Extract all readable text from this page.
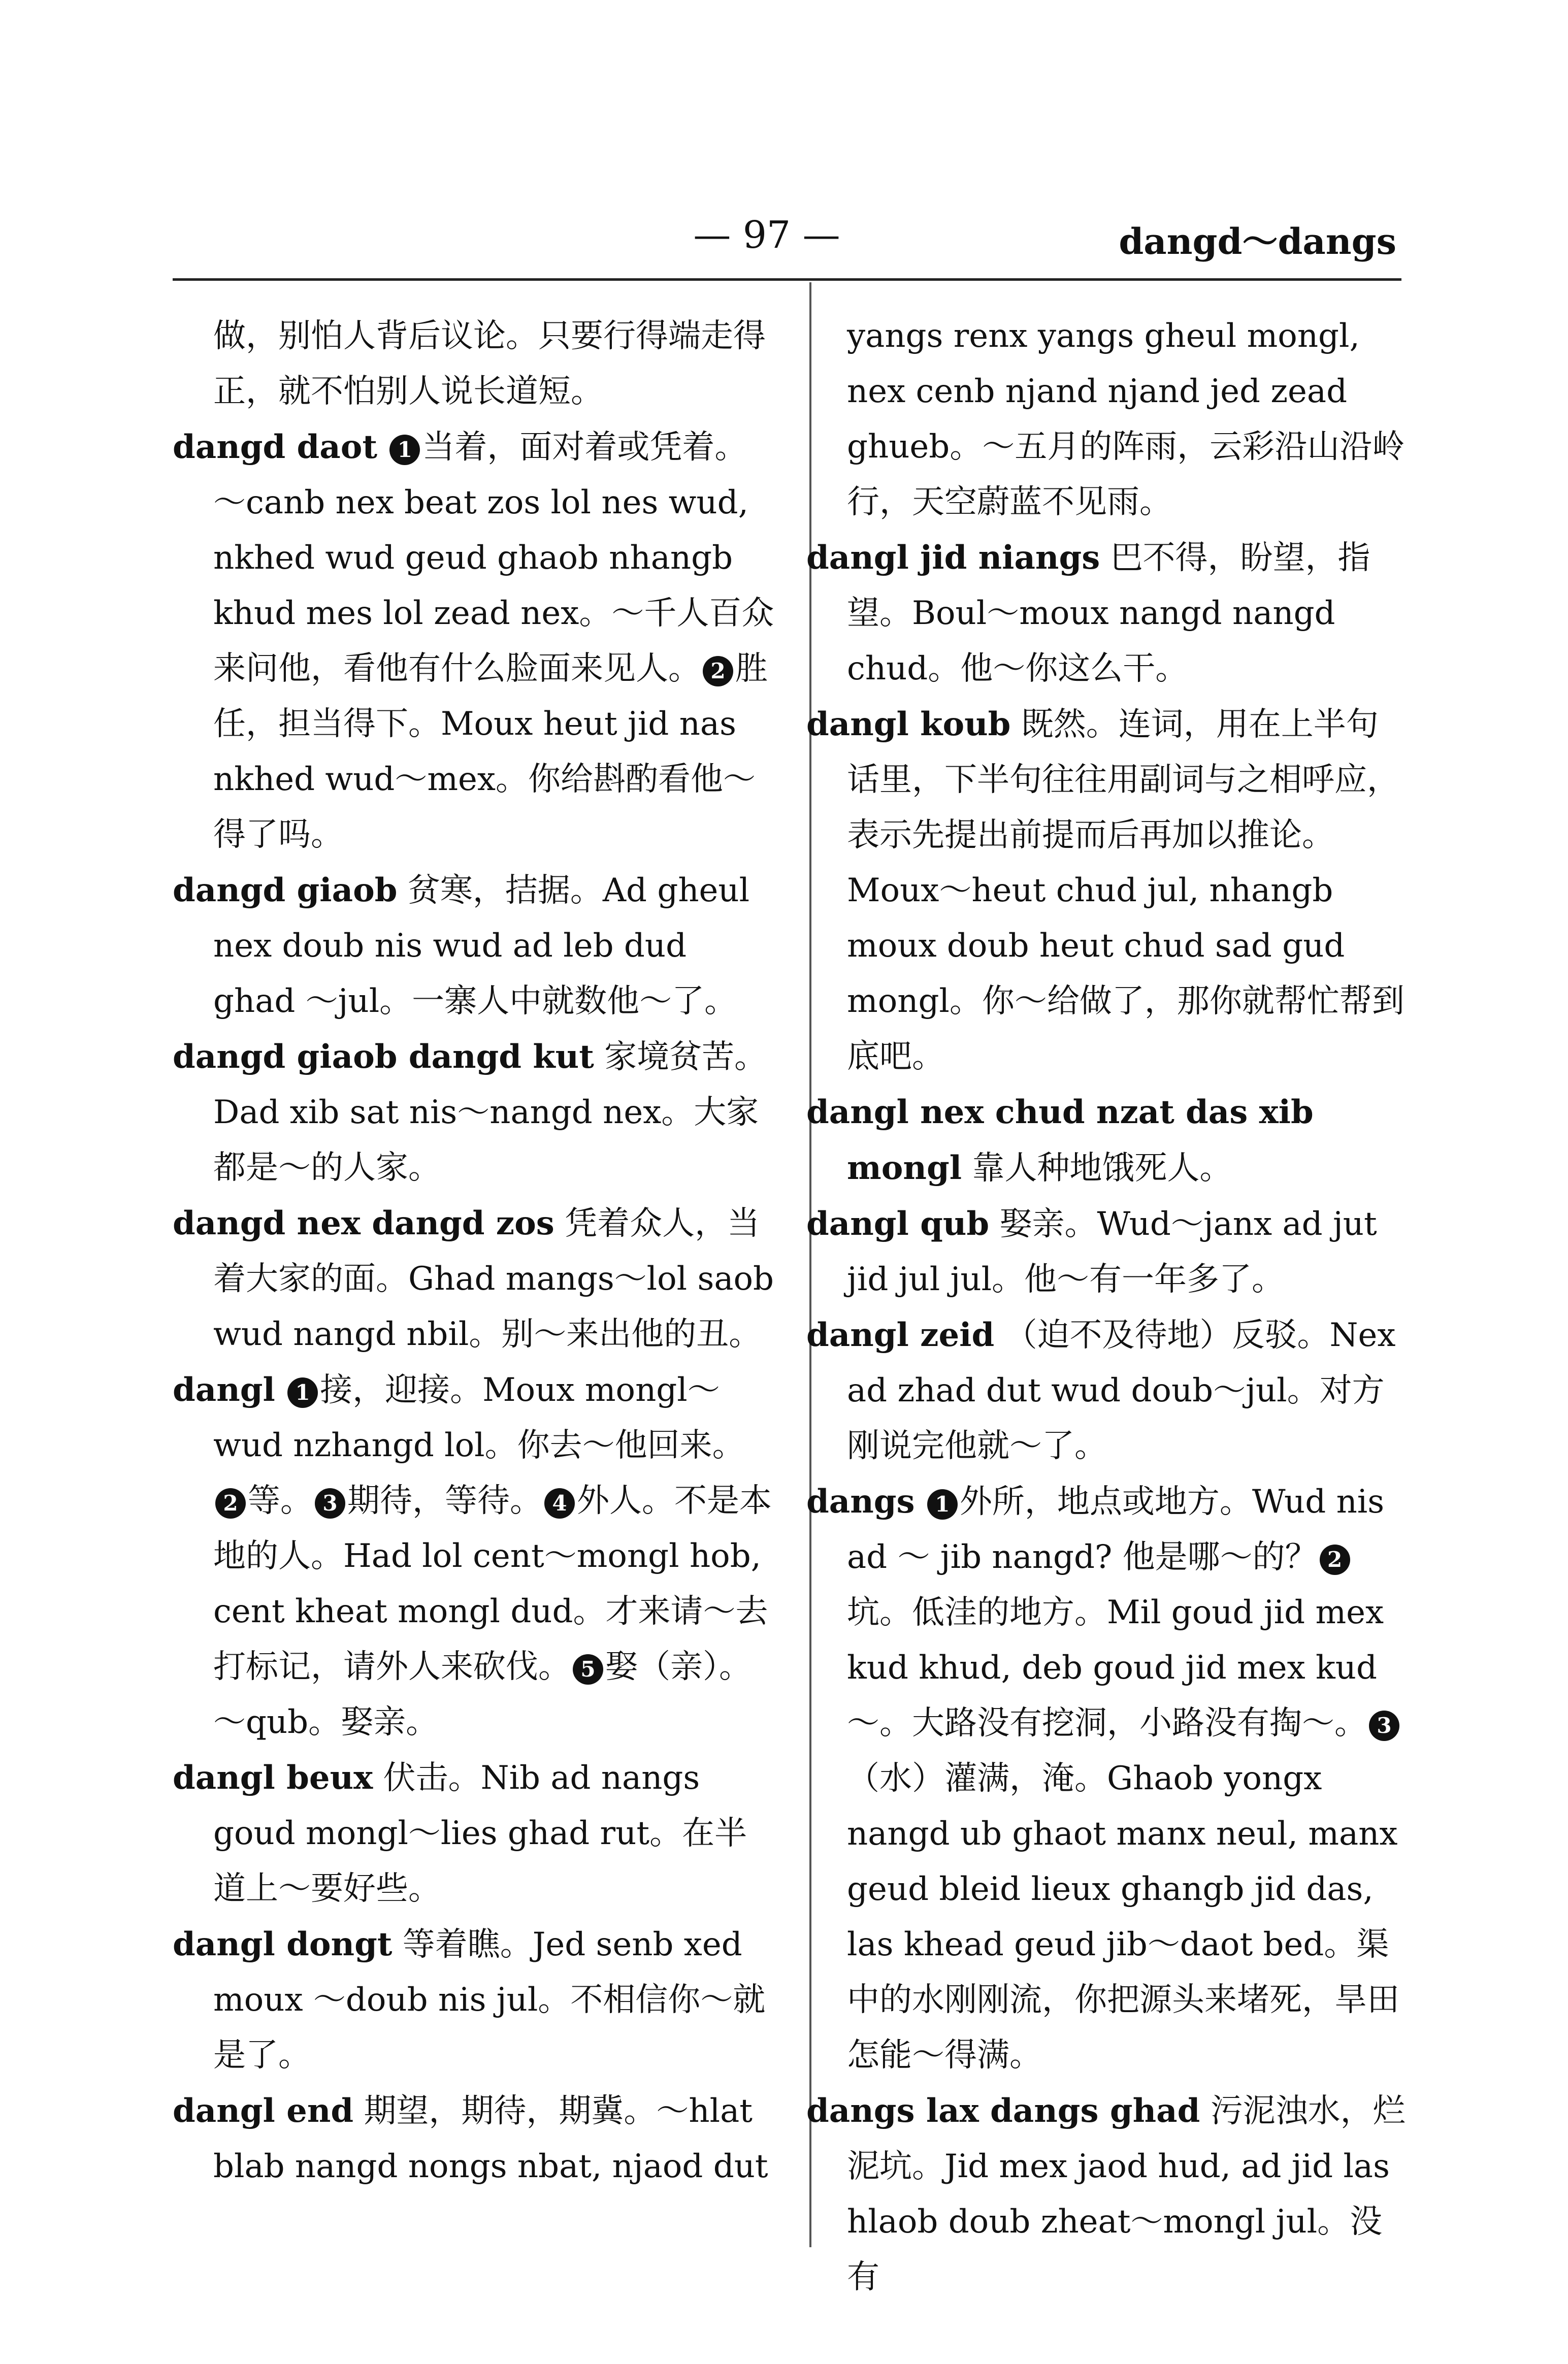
— 97 —	dangd～dangs

做，别怕人背后议论。只要行得端走得正，就不怕别人说长道短。

dangd daot 1 当着，面对着或凭着。～canb nex beat zos lol nes wud, nkhed wud geud ghaob nhangb khud mes lol zead nex。～千人百众来问他，看他有什么脸面来见人。 2 胜任，担当得下。Moux heut jid nas nkhed wud～mex。你给斟酌看他～得了吗。

dangd giaob 贫寒，拮据。Ad gheul nex doub nis wud ad leb dud ghad ～jul。一寨人中就数他～了。

dangd giaob dangd kut 家境贫苦。Dad xib sat nis～nangd nex。大家都是～的人家。

dangd nex dangd zos 凭着众人，当着大家的面。Ghad mangs～lol saob wud nangd nbil。别～来出他的丑。

dangl 1 接，迎接。Moux mongl～wud nzhangd lol。你去～他回来。2 等。 3 期待，等待。 4 外人。不是本地的人。Had lol cent～mongl hob, cent kheat mongl dud。才来请～去打标记，请外人来砍伐。 5 娶（亲）。～qub。娶亲。

dangl beux 伏击。Nib ad nangs goud mongl～lies ghad rut。在半道上～要好些。

dangl dongt 等着瞧。Jed senb xed moux ～doub nis jul。不相信你～就是了。

dangl end 期望，期待，期冀。～hlat blab nangd nongs nbat, njaod dut

yangs renx yangs gheul mongl, nex cenb njand njand jed zead ghueb。～五月的阵雨，云彩沿山沿岭行，天空蔚蓝不见雨。

dangl jid niangs 巴不得，盼望，指望。Boul～moux nangd nangd chud。他～你这么干。

dangl koub 既然。连词，用在上半句话里，下半句往往用副词与之相呼应，表示先提出前提而后再加以推论。Moux～heut chud jul, nhangb moux doub heut chud sad gud mongl。你～给做了，那你就帮忙帮到底吧。

dangl nex chud nzat das xib mongl 靠人种地饿死人。

dangl qub 娶亲。Wud～janx ad jut jid jul jul。他～有一年多了。

dangl zeid （迫不及待地）反驳。Nex ad zhad dut wud doub～jul。对方刚说完他就～了。

dangs 1 外所，地点或地方。Wud nis ad ～ jib nangd? 他是哪～的？ 2坑。低洼的地方。Mil goud jid mex kud khud, deb goud jid mex kud～。大路没有挖洞，小路没有掏～。 3（水）灌满，淹。Ghaob yongx nangd ub ghaot manx neul, manx geud bleid lieux ghangb jid das, las khead geud jib～daot bed。渠中的水刚刚流，你把源头来堵死，旱田怎能～得满。

dangs lax dangs ghad 污泥浊水，烂泥坑。Jid mex jaod hud, ad jid las hlaob doub zheat～mongl jul。没有
